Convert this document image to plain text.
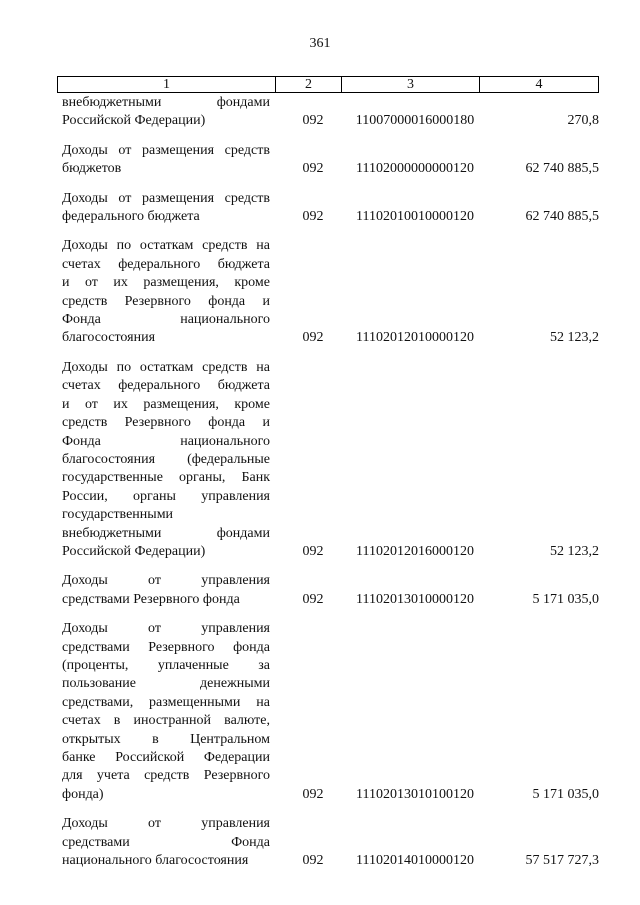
361
1	2	3	4
внебюджетными фондами
Российской Федерации)	092	11007000016000180	270,8
Доходы от размещения средств
бюджетов	092	11102000000000120	62 740 885,5
Доходы от размещения средств
федерального бюджета	092	11102010010000120	62 740 885,5
Доходы по остаткам средств на
счетах федерального бюджета
и от их размещения, кроме
средств Резервного фонда и
Фонда национального
благосостояния	092	11102012010000120	52 123,2
Доходы по остаткам средств на
счетах федерального бюджета
и от их размещения, кроме
средств Резервного фонда и
Фонда национального
благосостояния (федеральные
государственные органы, Банк
России, органы управления
государственными
внебюджетными фондами
Российской Федерации)	092	11102012016000120	52 123,2
Доходы от управления
средствами Резервного фонда	092	11102013010000120	5 171 035,0
Доходы от управления
средствами Резервного фонда
(проценты, уплаченные за
пользование денежными
средствами, размещенными на
счетах в иностранной валюте,
открытых в Центральном
банке Российской Федерации
для учета средств Резервного
фонда)	092	11102013010100120	5 171 035,0
Доходы от управления
средствами Фонда
национального благосостояния	092	11102014010000120	57 517 727,3
